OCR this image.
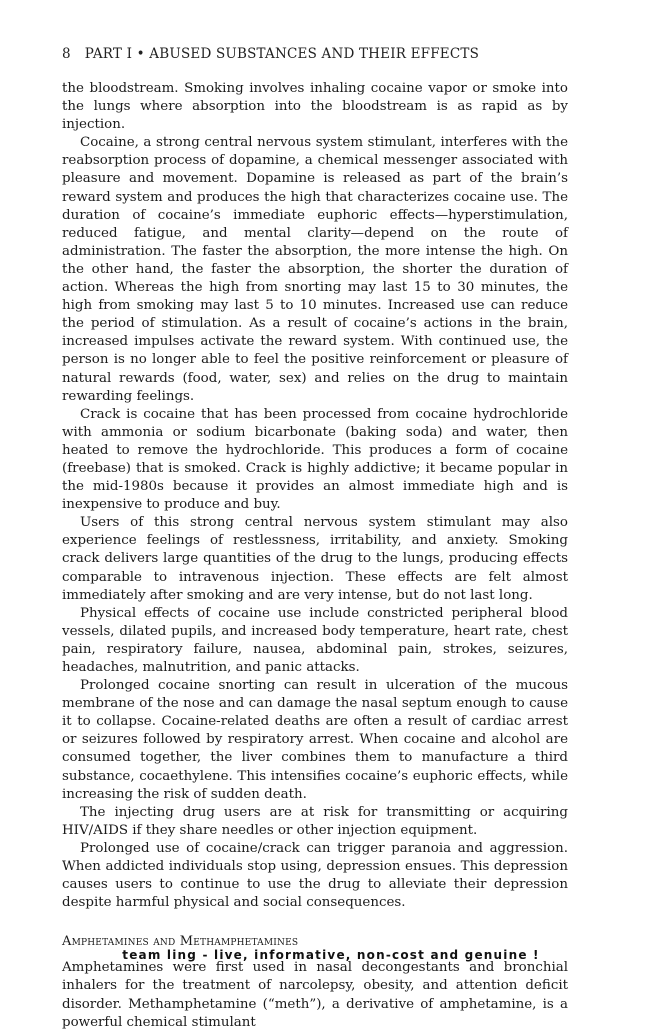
8 PART I • ABUSED SUBSTANCES AND THEIR EFFECTS

the bloodstream. Smoking involves inhaling cocaine vapor or smoke into the lungs where absorption into the bloodstream is as rapid as by injection.

Cocaine, a strong central nervous system stimulant, interferes with the reabsorption process of dopamine, a chemical messenger associated with pleasure and movement. Dopamine is released as part of the brain’s reward system and produces the high that characterizes cocaine use. The duration of cocaine’s immediate euphoric effects—hyperstimulation, reduced fatigue, and mental clarity—depend on the route of administration. The faster the absorption, the more intense the high. On the other hand, the faster the absorption, the shorter the duration of action. Whereas the high from snorting may last 15 to 30 minutes, the high from smoking may last 5 to 10 minutes. Increased use can reduce the period of stimulation. As a result of cocaine’s actions in the brain, increased impulses activate the reward system. With continued use, the person is no longer able to feel the positive reinforcement or pleasure of natural rewards (food, water, sex) and relies on the drug to maintain rewarding feelings.

Crack is cocaine that has been processed from cocaine hydrochloride with ammonia or sodium bicarbonate (baking soda) and water, then heated to remove the hydrochloride. This produces a form of cocaine (freebase) that is smoked. Crack is highly addictive; it became popular in the mid-1980s because it provides an almost immediate high and is inexpensive to produce and buy.

Users of this strong central nervous system stimulant may also experience feelings of restlessness, irritability, and anxiety. Smoking crack delivers large quantities of the drug to the lungs, producing effects comparable to intravenous injection. These effects are felt almost immediately after smoking and are very intense, but do not last long.

Physical effects of cocaine use include constricted peripheral blood vessels, dilated pupils, and increased body temperature, heart rate, chest pain, respiratory failure, nausea, abdominal pain, strokes, seizures, headaches, malnutrition, and panic attacks.

Prolonged cocaine snorting can result in ulceration of the mucous membrane of the nose and can damage the nasal septum enough to cause it to collapse. Cocaine-related deaths are often a result of cardiac arrest or seizures followed by respiratory arrest. When cocaine and alcohol are consumed together, the liver combines them to manufacture a third substance, cocaethylene. This intensifies cocaine’s euphoric effects, while increasing the risk of sudden death.

The injecting drug users are at risk for transmitting or acquiring HIV/AIDS if they share needles or other injection equipment.

Prolonged use of cocaine/crack can trigger paranoia and aggression. When addicted individuals stop using, depression ensues. This depression causes users to continue to use the drug to alleviate their depression despite harmful physical and social consequences.

Amphetamines and Methamphetamines

Amphetamines were first used in nasal decongestants and bronchial inhalers for the treatment of narcolepsy, obesity, and attention deficit disorder. Methamphetamine (“meth”), a derivative of amphetamine, is a powerful chemical stimulant

team ling - live, informative, non-cost and genuine !
